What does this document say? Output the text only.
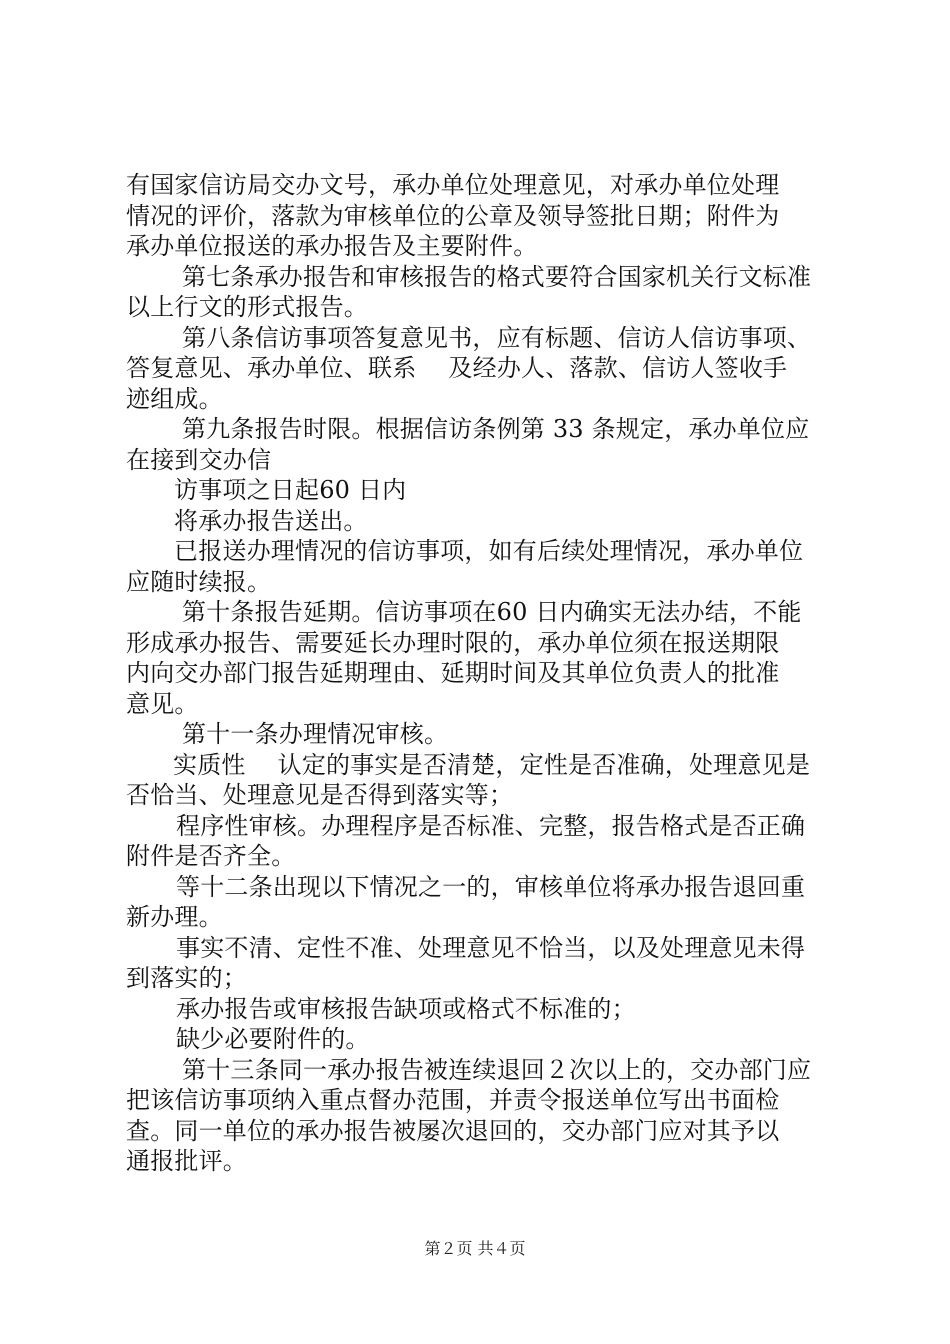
有国家信访局交办文号，承办单位处理意见，对承办单位处理
情况的评价，落款为审核单位的公章及领导签批日期；附件为
承办单位报送的承办报告及主要附件。
第七条承办报告和审核报告的格式要符合国家机关行文标准
以上行文的形式报告。
第八条信访事项答复意见书，应有标题、信访人信访事项、
答复意见、承办单位、联系　 及经办人、落款、信访人签收手
迹组成。
第九条报告时限。根据信访条例第 33 条规定，承办单位应
在接到交办信
访事项之日起60 日内
将承办报告送出。
已报送办理情况的信访事项，如有后续处理情况，承办单位
应随时续报。
第十条报告延期。信访事项在60 日内确实无法办结，不能
形成承办报告、需要延长办理时限的，承办单位须在报送期限
内向交办部门报告延期理由、延期时间及其单位负责人的批准
意见。
第十一条办理情况审核。
实质性　 认定的事实是否清楚，定性是否准确，处理意见是
否恰当、处理意见是否得到落实等；
程序性审核。办理程序是否标准、完整，报告格式是否正确
附件是否齐全。
等十二条出现以下情况之一的，审核单位将承办报告退回重
新办理。
事实不清、定性不准、处理意见不恰当，以及处理意见未得
到落实的；
承办报告或审核报告缺项或格式不标准的；
缺少必要附件的。
第十三条同一承办报告被连续退回２次以上的，交办部门应
把该信访事项纳入重点督办范围，并责令报送单位写出书面检
查。同一单位的承办报告被屡次退回的，交办部门应对其予以
通报批评。
第２页 共４页
